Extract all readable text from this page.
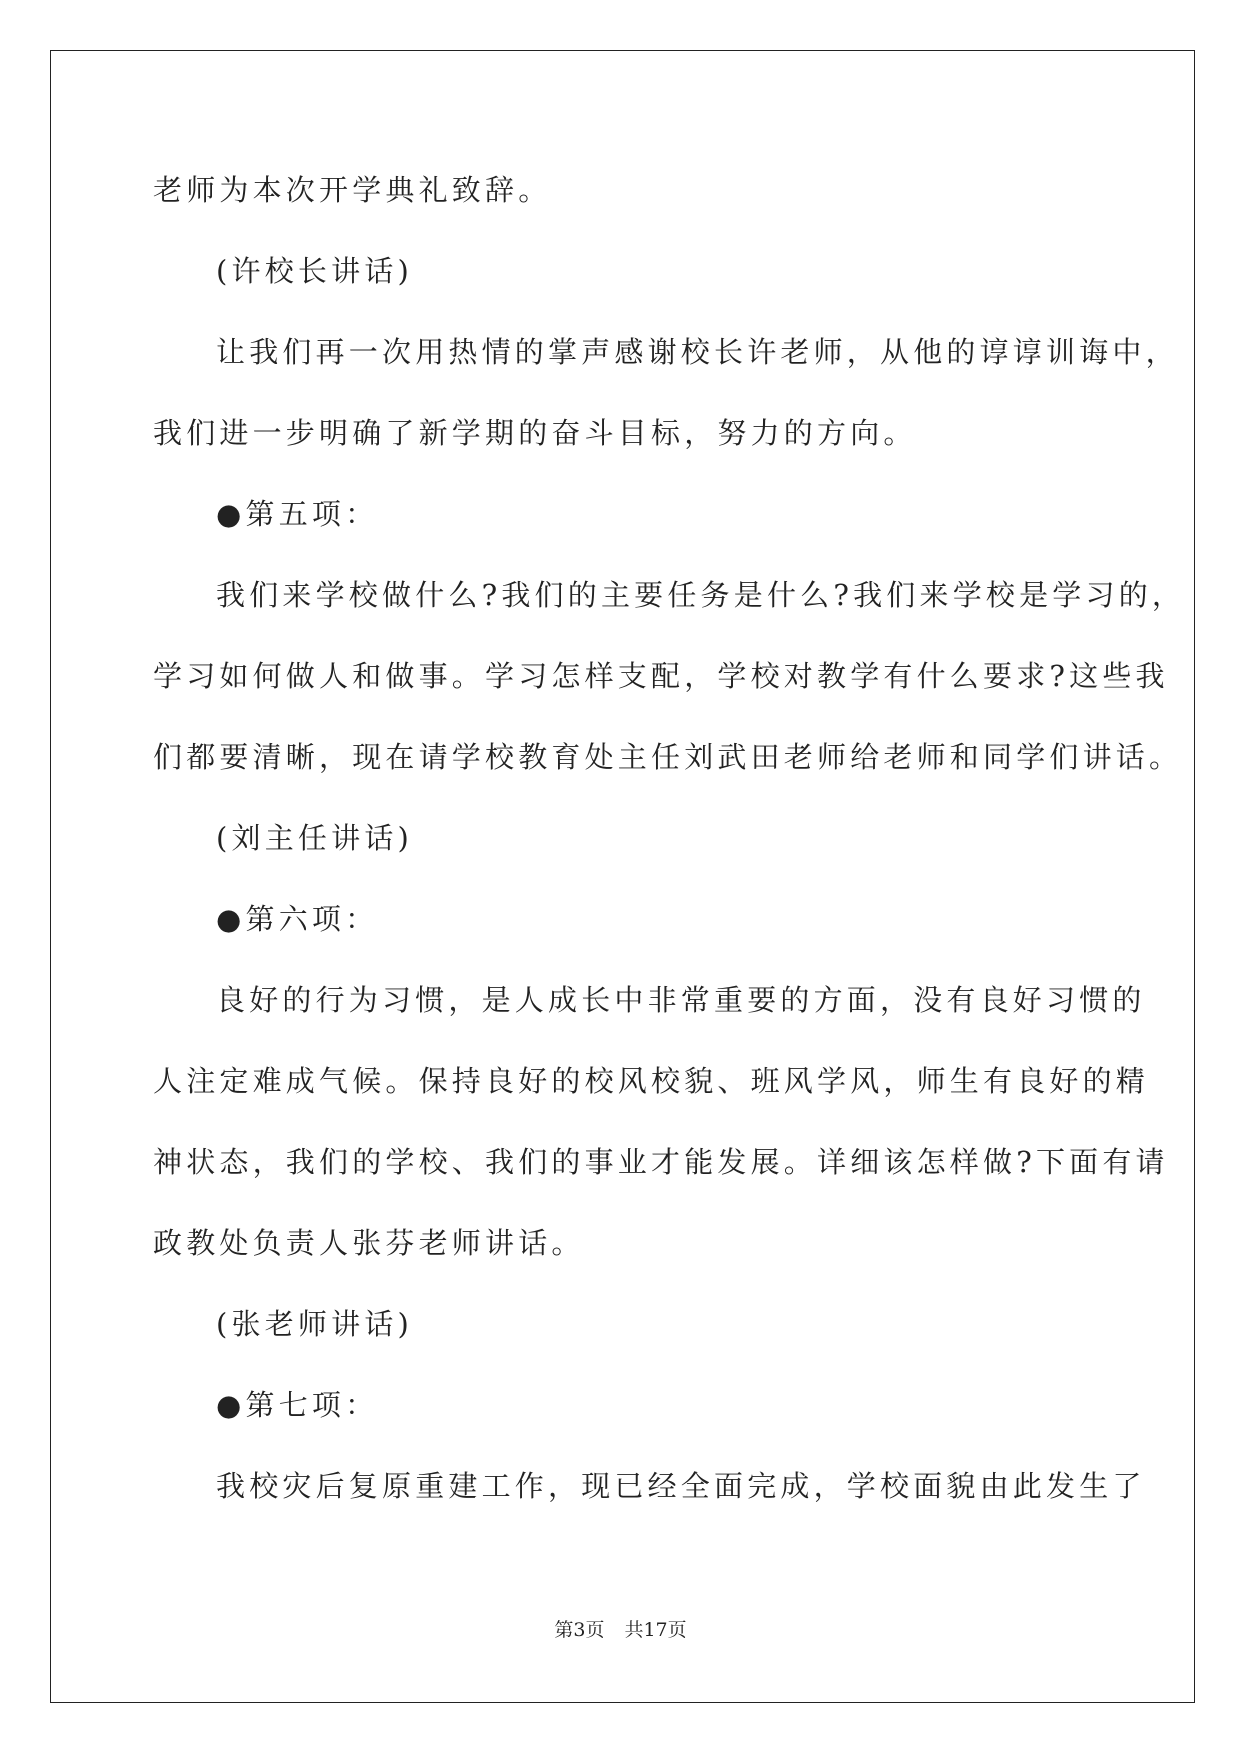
老师为本次开学典礼致辞。
(许校长讲话)
让我们再一次用热情的掌声感谢校长许老师，从他的谆谆训诲中，
我们进一步明确了新学期的奋斗目标，努力的方向。
●第五项：
我们来学校做什么?我们的主要任务是什么?我们来学校是学习的，
学习如何做人和做事。学习怎样支配，学校对教学有什么要求?这些我
们都要清晰，现在请学校教育处主任刘武田老师给老师和同学们讲话。
(刘主任讲话)
●第六项：
良好的行为习惯，是人成长中非常重要的方面，没有良好习惯的
人注定难成气候。保持良好的校风校貌、班风学风，师生有良好的精
神状态，我们的学校、我们的事业才能发展。详细该怎样做?下面有请
政教处负责人张芬老师讲话。
(张老师讲话)
●第七项：
我校灾后复原重建工作，现已经全面完成，学校面貌由此发生了
第3页 共17页
